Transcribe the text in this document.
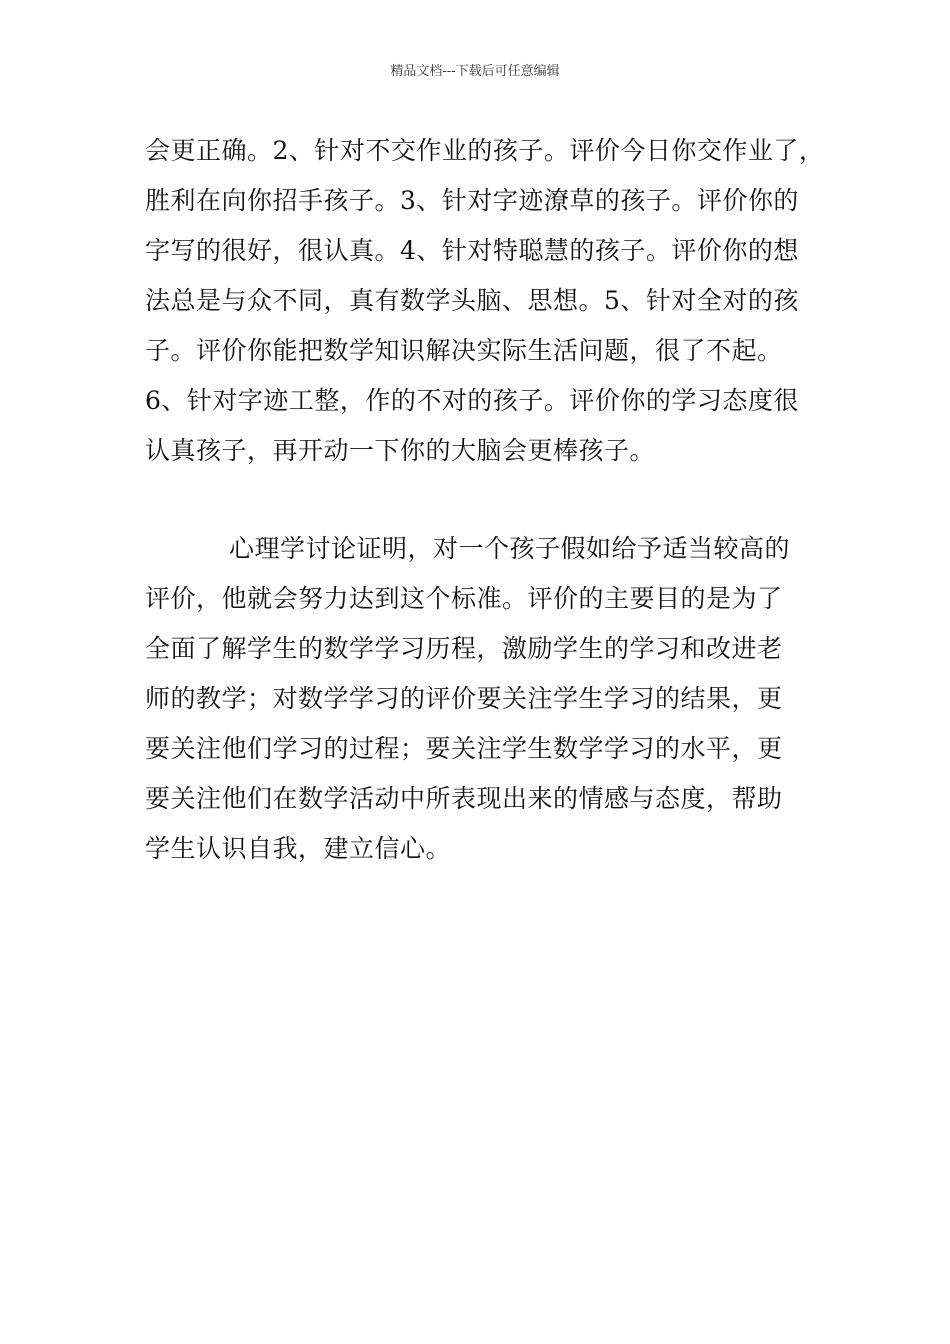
精品文档---下载后可任意编辑
会更正确。2、针对不交作业的孩子。评价今日你交作业了，
胜利在向你招手孩子。3、针对字迹潦草的孩子。评价你的
字写的很好，很认真。4、针对特聪慧的孩子。评价你的想
法总是与众不同，真有数学头脑、思想。5、针对全对的孩
子。评价你能把数学知识解决实际生活问题，很了不起。
6、针对字迹工整，作的不对的孩子。评价你的学习态度很
认真孩子，再开动一下你的大脑会更棒孩子。
心理学讨论证明，对一个孩子假如给予适当较高的
评价，他就会努力达到这个标准。评价的主要目的是为了
全面了解学生的数学学习历程，激励学生的学习和改进老
师的教学；对数学学习的评价要关注学生学习的结果，更
要关注他们学习的过程；要关注学生数学学习的水平，更
要关注他们在数学活动中所表现出来的情感与态度，帮助
学生认识自我，建立信心。
